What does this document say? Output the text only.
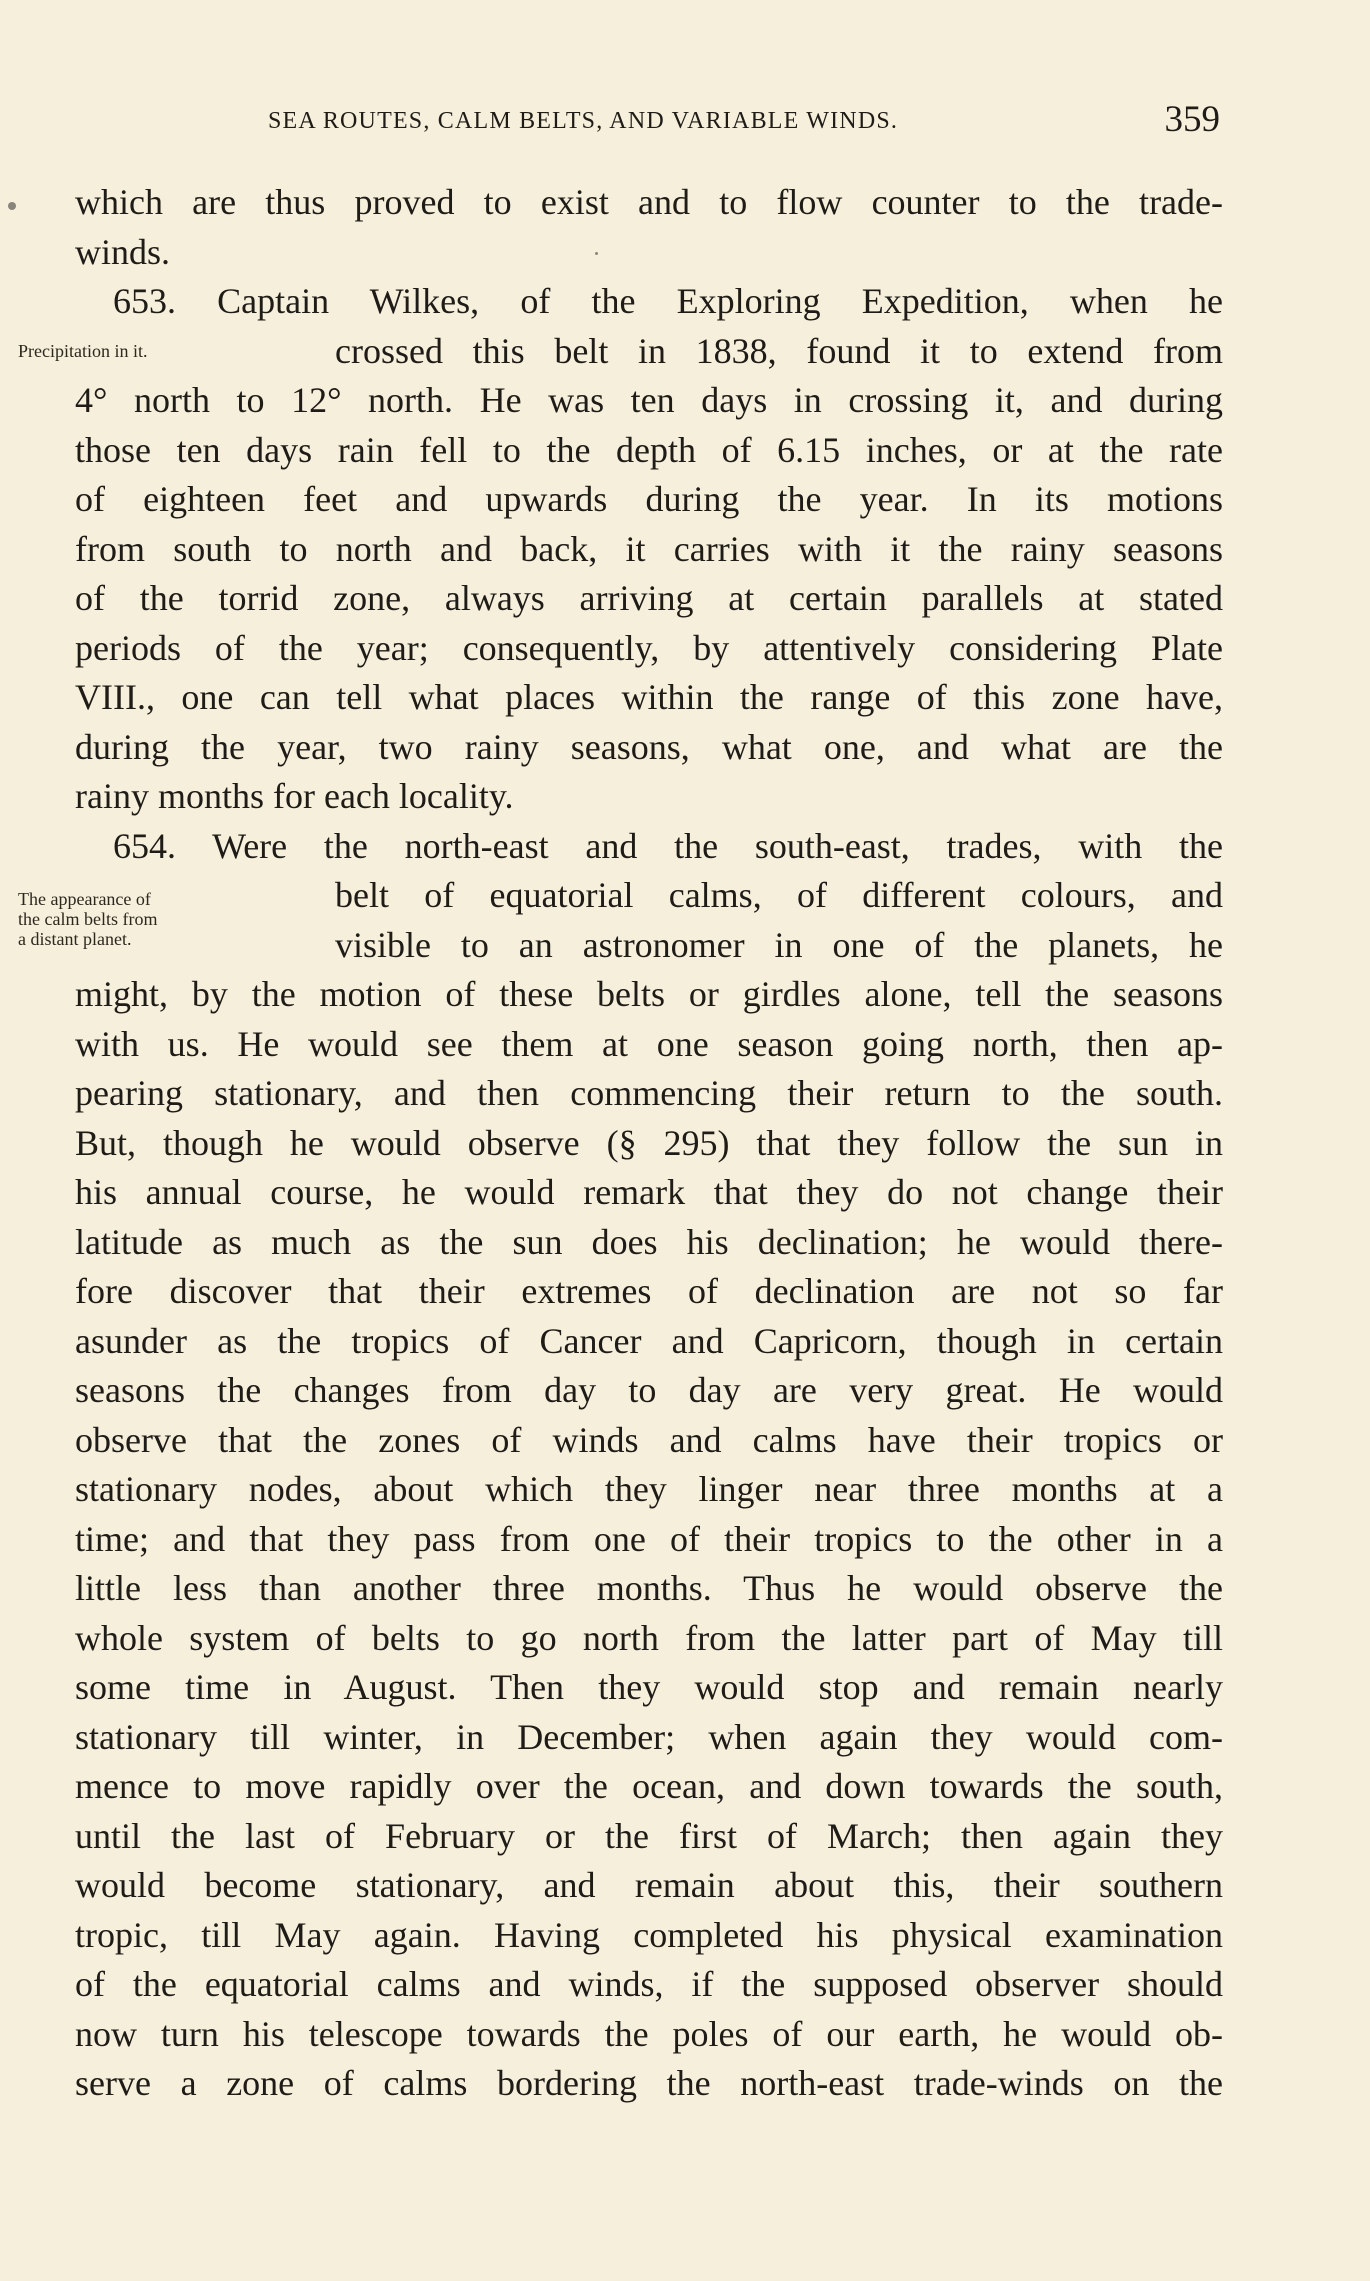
SEA ROUTES, CALM BELTS, AND VARIABLE WINDS.	359
Precipitation in it.
The appearance of
the calm belts from
a distant planet.
which are thus proved to exist and to flow counter to the trade-
winds.
653. Captain Wilkes, of the Exploring Expedition, when he
crossed this belt in 1838, found it to extend from
4° north to 12° north. He was ten days in crossing it, and during
those ten days rain fell to the depth of 6.15 inches, or at the rate
of eighteen feet and upwards during the year. In its motions
from south to north and back, it carries with it the rainy seasons
of the torrid zone, always arriving at certain parallels at stated
periods of the year; consequently, by attentively considering Plate
VIII., one can tell what places within the range of this zone have,
during the year, two rainy seasons, what one, and what are the
rainy months for each locality.
654. Were the north-east and the south-east, trades, with the
belt of equatorial calms, of different colours, and
visible to an astronomer in one of the planets, he
might, by the motion of these belts or girdles alone, tell the seasons
with us. He would see them at one season going north, then ap-
pearing stationary, and then commencing their return to the south.
But, though he would observe (§ 295) that they follow the sun in
his annual course, he would remark that they do not change their
latitude as much as the sun does his declination; he would there-
fore discover that their extremes of declination are not so far
asunder as the tropics of Cancer and Capricorn, though in certain
seasons the changes from day to day are very great. He would
observe that the zones of winds and calms have their tropics or
stationary nodes, about which they linger near three months at a
time; and that they pass from one of their tropics to the other in a
little less than another three months. Thus he would observe the
whole system of belts to go north from the latter part of May till
some time in August. Then they would stop and remain nearly
stationary till winter, in December; when again they would com-
mence to move rapidly over the ocean, and down towards the south,
until the last of February or the first of March; then again they
would become stationary, and remain about this, their southern
tropic, till May again. Having completed his physical examination
of the equatorial calms and winds, if the supposed observer should
now turn his telescope towards the poles of our earth, he would ob-
serve a zone of calms bordering the north-east trade-winds on the
